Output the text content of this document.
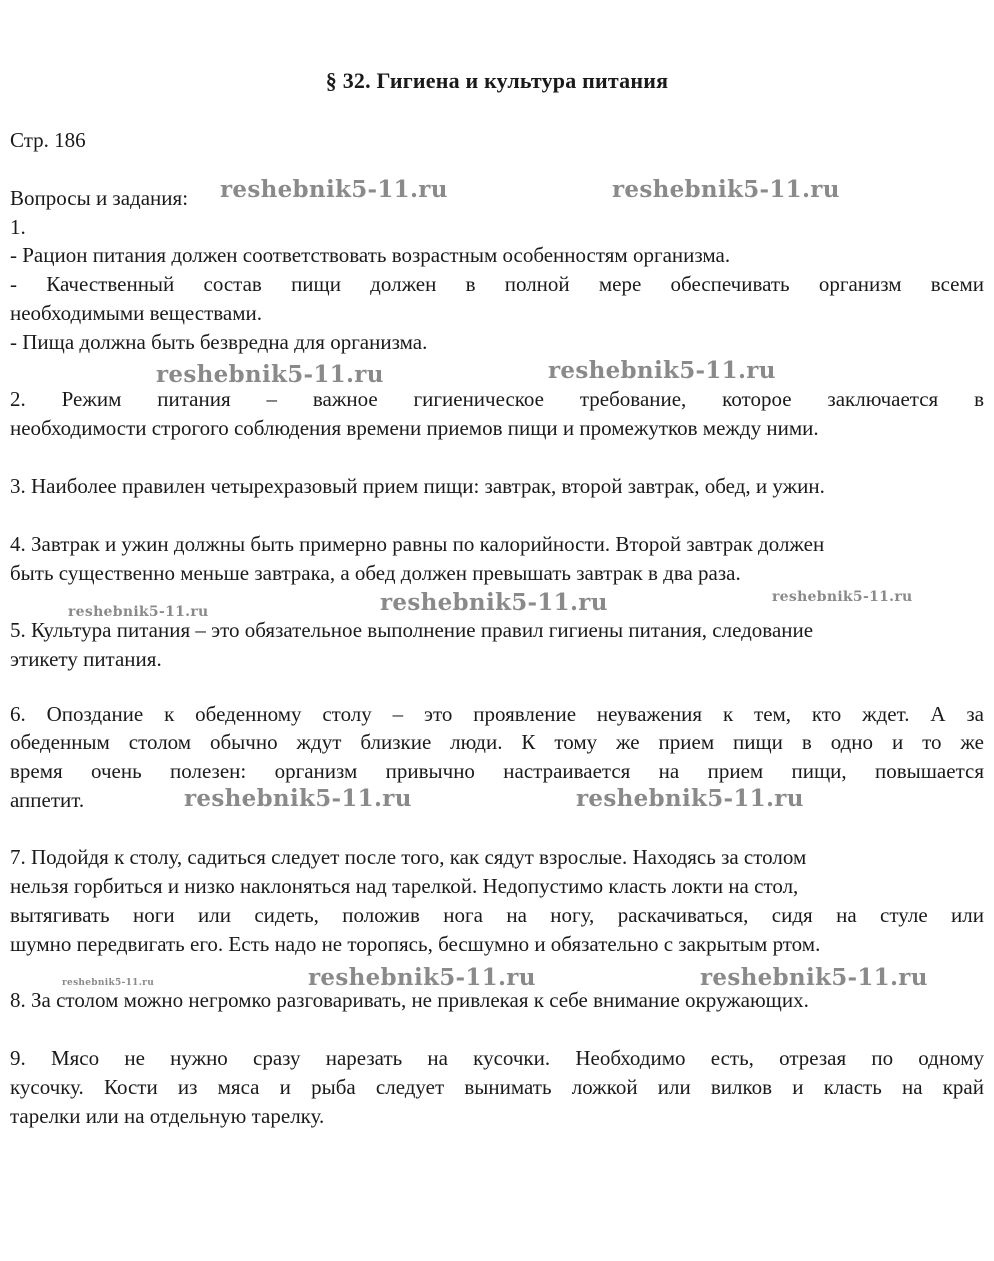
§ 32. Гигиена и культура питания
Стр. 186
Вопросы и задания:
1.
- Рацион питания должен соответствовать возрастным особенностям организма.
- Качественный состав пищи должен в полной мере обеспечивать организм всеми
необходимыми веществами.
- Пища должна быть безвредна для организма.
2. Режим питания – важное гигиеническое требование, которое заключается в
необходимости строгого соблюдения времени приемов пищи и промежутков между ними.
3. Наиболее правилен четырехразовый прием пищи: завтрак, второй завтрак, обед, и ужин.
4. Завтрак и ужин должны быть примерно равны по калорийности. Второй завтрак должен
быть существенно меньше завтрака, а обед должен превышать завтрак в два раза.
5. Культура питания – это обязательное выполнение правил гигиены питания, следование
этикету питания.
6. Опоздание к обеденному столу – это проявление неуважения к тем, кто ждет. А за
обеденным столом обычно ждут близкие люди. К тому же прием пищи в одно и то же
время очень полезен: организм привычно настраивается на прием пищи, повышается
аппетит.
7. Подойдя к столу, садиться следует после того, как сядут взрослые. Находясь за столом
нельзя горбиться и низко наклоняться над тарелкой. Недопустимо класть локти на стол,
вытягивать ноги или сидеть, положив нога на ногу, раскачиваться, сидя на стуле или
шумно передвигать его. Есть надо не торопясь, бесшумно и обязательно с закрытым ртом.
8. За столом можно негромко разговаривать, не привлекая к себе внимание окружающих.
9. Мясо не нужно сразу нарезать на кусочки. Необходимо есть, отрезая по одному
кусочку. Кости из мяса и рыба следует вынимать ложкой или вилков и класть на край
тарелки или на отдельную тарелку.
reshebnik5-11.ru	reshebnik5-11.ru
reshebnik5-11.ru	reshebnik5-11.ru
reshebnik5-11.ru	reshebnik5-11.ru	reshebnik5-11.ru
reshebnik5-11.ru	reshebnik5-11.ru
reshebnik5-11.ru	reshebnik5-11.ru	reshebnik5-11.ru
